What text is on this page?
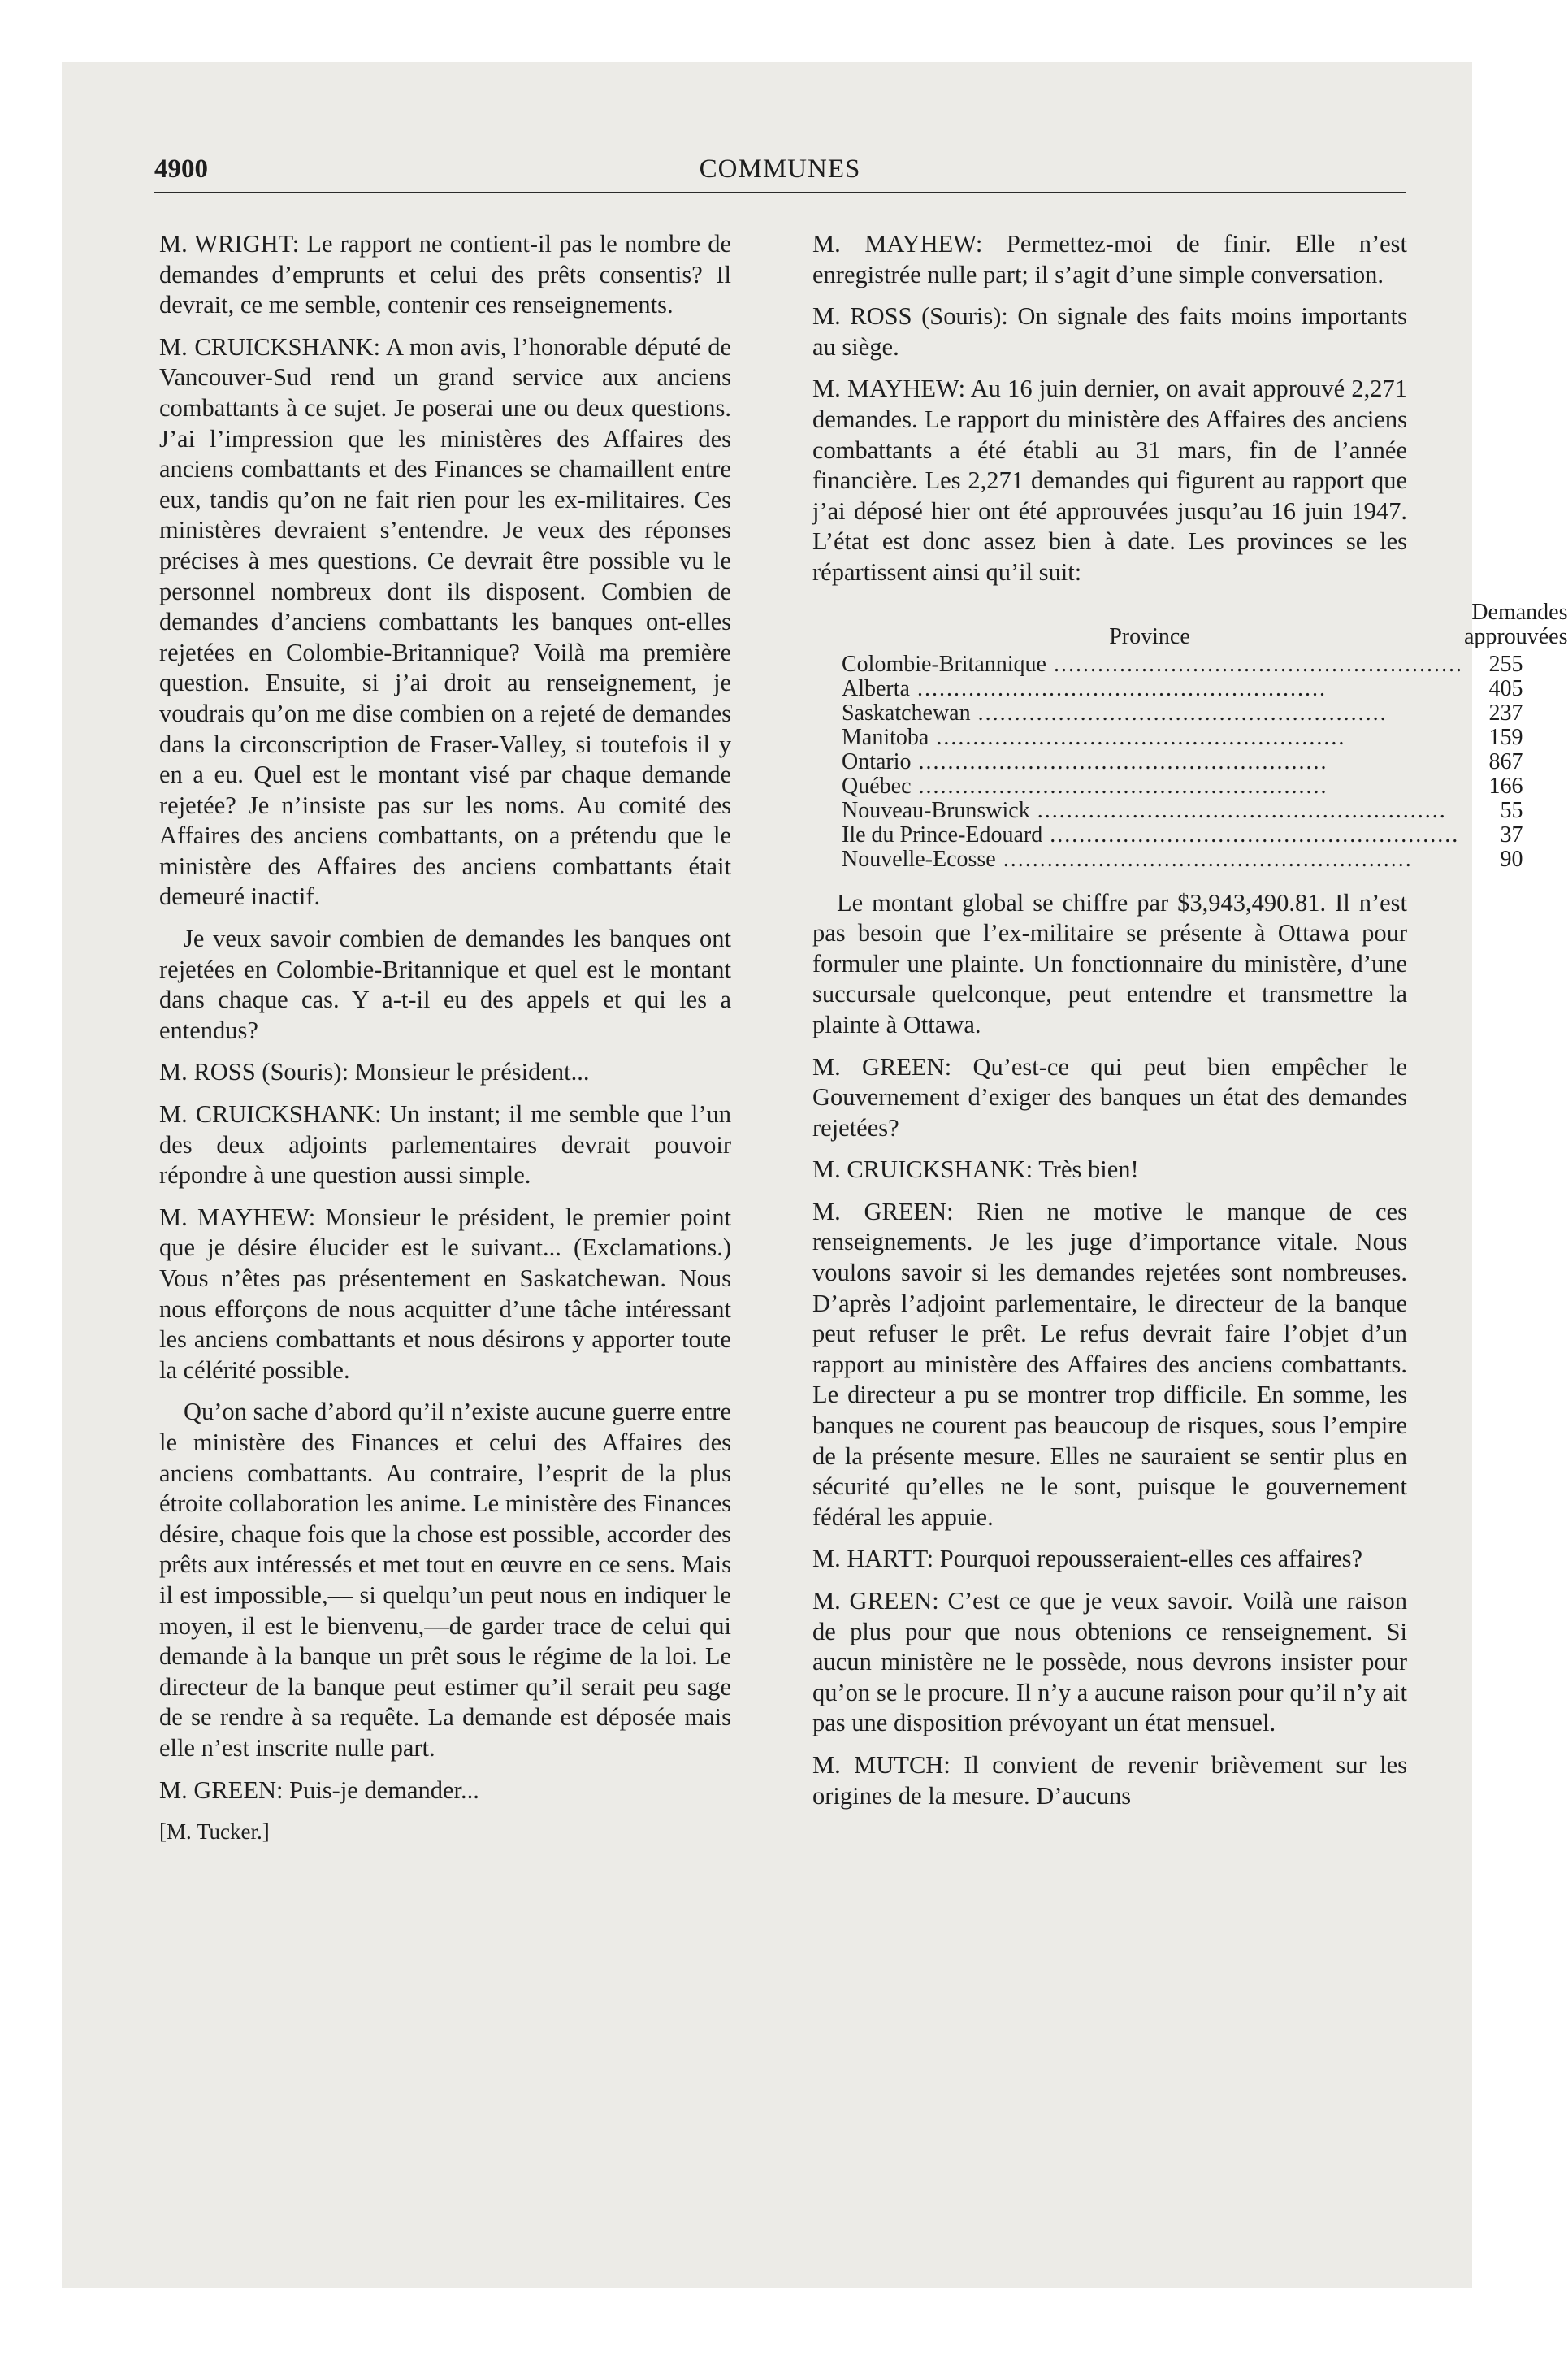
4900	COMMUNES

M. WRIGHT: Le rapport ne contient-il pas le nombre de demandes d’emprunts et celui des prêts consentis? Il devrait, ce me semble, contenir ces renseignements.

M. CRUICKSHANK: A mon avis, l’honorable député de Vancouver-Sud rend un grand service aux anciens combattants à ce sujet. Je poserai une ou deux questions. J’ai l’impression que les ministères des Affaires des anciens combattants et des Finances se chamaillent entre eux, tandis qu’on ne fait rien pour les ex-militaires. Ces ministères devraient s’entendre. Je veux des réponses précises à mes questions. Ce devrait être possible vu le personnel nombreux dont ils disposent. Combien de demandes d’anciens combattants les banques ont-elles rejetées en Colombie-Britannique? Voilà ma première question. Ensuite, si j’ai droit au renseignement, je voudrais qu’on me dise combien on a rejeté de demandes dans la circonscription de Fraser-Valley, si toutefois il y en a eu. Quel est le montant visé par chaque demande rejetée? Je n’insiste pas sur les noms. Au comité des Affaires des anciens combattants, on a prétendu que le ministère des Affaires des anciens combattants était demeuré inactif.

Je veux savoir combien de demandes les banques ont rejetées en Colombie-Britannique et quel est le montant dans chaque cas. Y a-t-il eu des appels et qui les a entendus?

M. ROSS (Souris): Monsieur le président...

M. CRUICKSHANK: Un instant; il me semble que l’un des deux adjoints parlementaires devrait pouvoir répondre à une question aussi simple.

M. MAYHEW: Monsieur le président, le premier point que je désire élucider est le suivant... (Exclamations.) Vous n’êtes pas présentement en Saskatchewan. Nous nous efforçons de nous acquitter d’une tâche intéressant les anciens combattants et nous désirons y apporter toute la célérité possible.

Qu’on sache d’abord qu’il n’existe aucune guerre entre le ministère des Finances et celui des Affaires des anciens combattants. Au contraire, l’esprit de la plus étroite collaboration les anime. Le ministère des Finances désire, chaque fois que la chose est possible, accorder des prêts aux intéressés et met tout en œuvre en ce sens. Mais il est impossible,— si quelqu’un peut nous en indiquer le moyen, il est le bienvenu,—de garder trace de celui qui demande à la banque un prêt sous le régime de la loi. Le directeur de la banque peut estimer qu’il serait peu sage de se rendre à sa requête. La demande est déposée mais elle n’est inscrite nulle part.

M. GREEN: Puis-je demander...

[M. Tucker.]

M. MAYHEW: Permettez-moi de finir. Elle n’est enregistrée nulle part; il s’agit d’une simple conversation.

M. ROSS (Souris): On signale des faits moins importants au siège.

M. MAYHEW: Au 16 juin dernier, on avait approuvé 2,271 demandes. Le rapport du ministère des Affaires des anciens combattants a été établi au 31 mars, fin de l’année financière. Les 2,271 demandes qui figurent au rapport que j’ai déposé hier ont été approuvées jusqu’au 16 juin 1947. L’état est donc assez bien à date. Les provinces se les répartissent ainsi qu’il suit:

Province	Demandes
approuvées
Colombie-Britannique .....	255
Alberta .....	405
Saskatchewan .....	237
Manitoba .....	159
Ontario .....	867
Québec .....	166
Nouveau-Brunswick .....	55
Ile du Prince-Edouard .....	37
Nouvelle-Ecosse .....	90

Le montant global se chiffre par $3,943,490.81. Il n’est pas besoin que l’ex-militaire se présente à Ottawa pour formuler une plainte. Un fonctionnaire du ministère, d’une succursale quelconque, peut entendre et transmettre la plainte à Ottawa.

M. GREEN: Qu’est-ce qui peut bien empêcher le Gouvernement d’exiger des banques un état des demandes rejetées?

M. CRUICKSHANK: Très bien!

M. GREEN: Rien ne motive le manque de ces renseignements. Je les juge d’importance vitale. Nous voulons savoir si les demandes rejetées sont nombreuses. D’après l’adjoint parlementaire, le directeur de la banque peut refuser le prêt. Le refus devrait faire l’objet d’un rapport au ministère des Affaires des anciens combattants. Le directeur a pu se montrer trop difficile. En somme, les banques ne courent pas beaucoup de risques, sous l’empire de la présente mesure. Elles ne sauraient se sentir plus en sécurité qu’elles ne le sont, puisque le gouvernement fédéral les appuie.

M. HARTT: Pourquoi repousseraient-elles ces affaires?

M. GREEN: C’est ce que je veux savoir. Voilà une raison de plus pour que nous obtenions ce renseignement. Si aucun ministère ne le possède, nous devrons insister pour qu’on se le procure. Il n’y a aucune raison pour qu’il n’y ait pas une disposition prévoyant un état mensuel.

M. MUTCH: Il convient de revenir brièvement sur les origines de la mesure. D’aucuns
